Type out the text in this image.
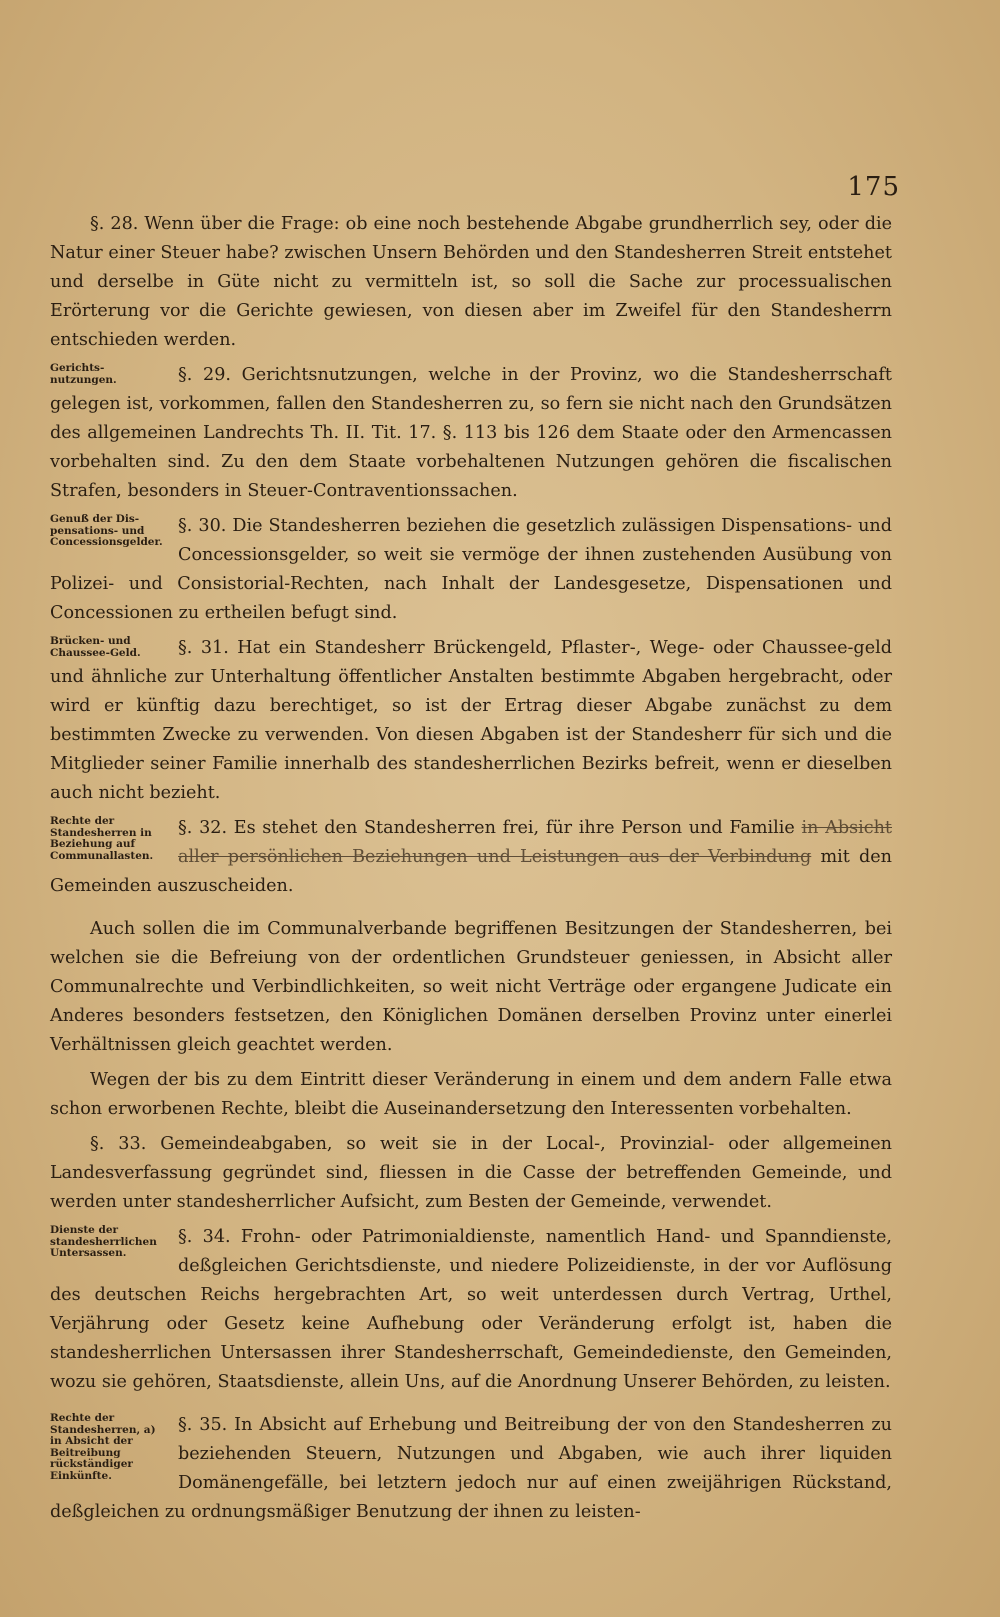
175

§. 28. Wenn über die Frage: ob eine noch bestehende Abgabe grundherrlich sey, oder die Natur einer Steuer habe? zwischen Unsern Behörden und den Standesherren Streit entstehet und derselbe in Güte nicht zu vermitteln ist, so soll die Sache zur processualischen Erörterung vor die Gerichte gewiesen, von diesen aber im Zweifel für den Standesherrn entschieden werden.

Gerichts-nutzungen.	§. 29. Gerichtsnutzungen, welche in der Provinz, wo die Standesherrschaft gelegen ist, vorkommen, fallen den Standesherren zu, so fern sie nicht nach den Grundsätzen des allgemeinen Landrechts Th. II. Tit. 17. §. 113 bis 126 dem Staate oder den Armencassen vorbehalten sind. Zu den dem Staate vorbehaltenen Nutzungen gehören die fiscalischen Strafen, besonders in Steuer-Contraventionssachen.

Genuß der Dis-pensations- und Concessionsgelder.
§. 30. Die Standesherren beziehen die gesetzlich zulässigen Dispensations- und Concessionsgelder, so weit sie vermöge der ihnen zustehenden Ausübung von Polizei- und Consistorial-Rechten, nach Inhalt der Landesgesetze, Dispensationen und Concessionen zu ertheilen befugt sind.

Brücken- und Chaussee-Geld.	§. 31. Hat ein Standesherr Brückengeld, Pflaster-, Wege- oder Chaussee-geld und ähnliche zur Unterhaltung öffentlicher Anstalten bestimmte Abgaben hergebracht, oder wird er künftig dazu berechtiget, so ist der Ertrag dieser Abgabe zunächst zu dem bestimmten Zwecke zu verwenden. Von diesen Abgaben ist der Standesherr für sich und die Mitglieder seiner Familie innerhalb des standesherrlichen Bezirks befreit, wenn er dieselben auch nicht bezieht.

Rechte der Standesherren in Beziehung auf Communallasten.
§. 32. Es stehet den Standesherren frei, für ihre Person und Familie in Absicht aller persönlichen Beziehungen und Leistungen aus der Verbindung mit den Gemeinden auszuscheiden.

Auch sollen die im Communalverbande begriffenen Besitzungen der Standesherren, bei welchen sie die Befreiung von der ordentlichen Grundsteuer geniessen, in Absicht aller Communalrechte und Verbindlichkeiten, so weit nicht Verträge oder ergangene Judicate ein Anderes besonders festsetzen, den Königlichen Domänen derselben Provinz unter einerlei Verhältnissen gleich geachtet werden.

Wegen der bis zu dem Eintritt dieser Veränderung in einem und dem andern Falle etwa schon erworbenen Rechte, bleibt die Auseinandersetzung den Interessenten vorbehalten.

§. 33. Gemeindeabgaben, so weit sie in der Local-, Provinzial- oder allgemeinen Landesverfassung gegründet sind, fliessen in die Casse der betreffenden Gemeinde, und werden unter standesherrlicher Aufsicht, zum Besten der Gemeinde, verwendet.

Dienste der standesherrlichen Untersassen.
§. 34. Frohn- oder Patrimonialdienste, namentlich Hand- und Spanndienste, deßgleichen Gerichtsdienste, und niedere Polizeidienste, in der vor Auflösung des deutschen Reichs hergebrachten Art, so weit unterdessen durch Vertrag, Urthel, Verjährung oder Gesetz keine Aufhebung oder Veränderung erfolgt ist, haben die standesherrlichen Untersassen ihrer Standesherrschaft, Gemeindedienste, den Gemeinden, wozu sie gehören, Staatsdienste, allein Uns, auf die Anordnung Unserer Behörden, zu leisten.

Rechte der Standesherren, a) in Absicht der Beitreibung rückständiger Einkünfte.
§. 35. In Absicht auf Erhebung und Beitreibung der von den Standesherren zu beziehenden Steuern, Nutzungen und Abgaben, wie auch ihrer liquiden Domänengefälle, bei letztern jedoch nur auf einen zweijährigen Rückstand, deßgleichen zu ordnungsmäßiger Benutzung der ihnen zu leisten-
